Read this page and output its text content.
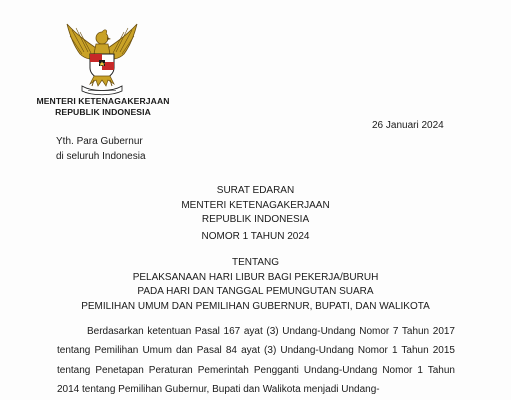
MENTERI KETENAGAKERJAAN
REPUBLIK INDONESIA
26 Januari 2024
Yth. Para Gubernur
di seluruh Indonesia
SURAT EDARAN
MENTERI KETENAGAKERJAAN
REPUBLIK INDONESIA
NOMOR 1 TAHUN 2024
TENTANG
PELAKSANAAN HARI LIBUR BAGI PEKERJA/BURUH
PADA HARI DAN TANGGAL PEMUNGUTAN SUARA
PEMILIHAN UMUM DAN PEMILIHAN GUBERNUR, BUPATI, DAN WALIKOTA

Berdasarkan ketentuan Pasal 167 ayat (3) Undang-Undang Nomor 7 Tahun 2017 tentang Pemilihan Umum dan Pasal 84 ayat (3) Undang-Undang Nomor 1 Tahun 2015 tentang Penetapan Peraturan Pemerintah Pengganti Undang-Undang Nomor 1 Tahun 2014 tentang Pemilihan Gubernur, Bupati dan Walikota menjadi Undang-
